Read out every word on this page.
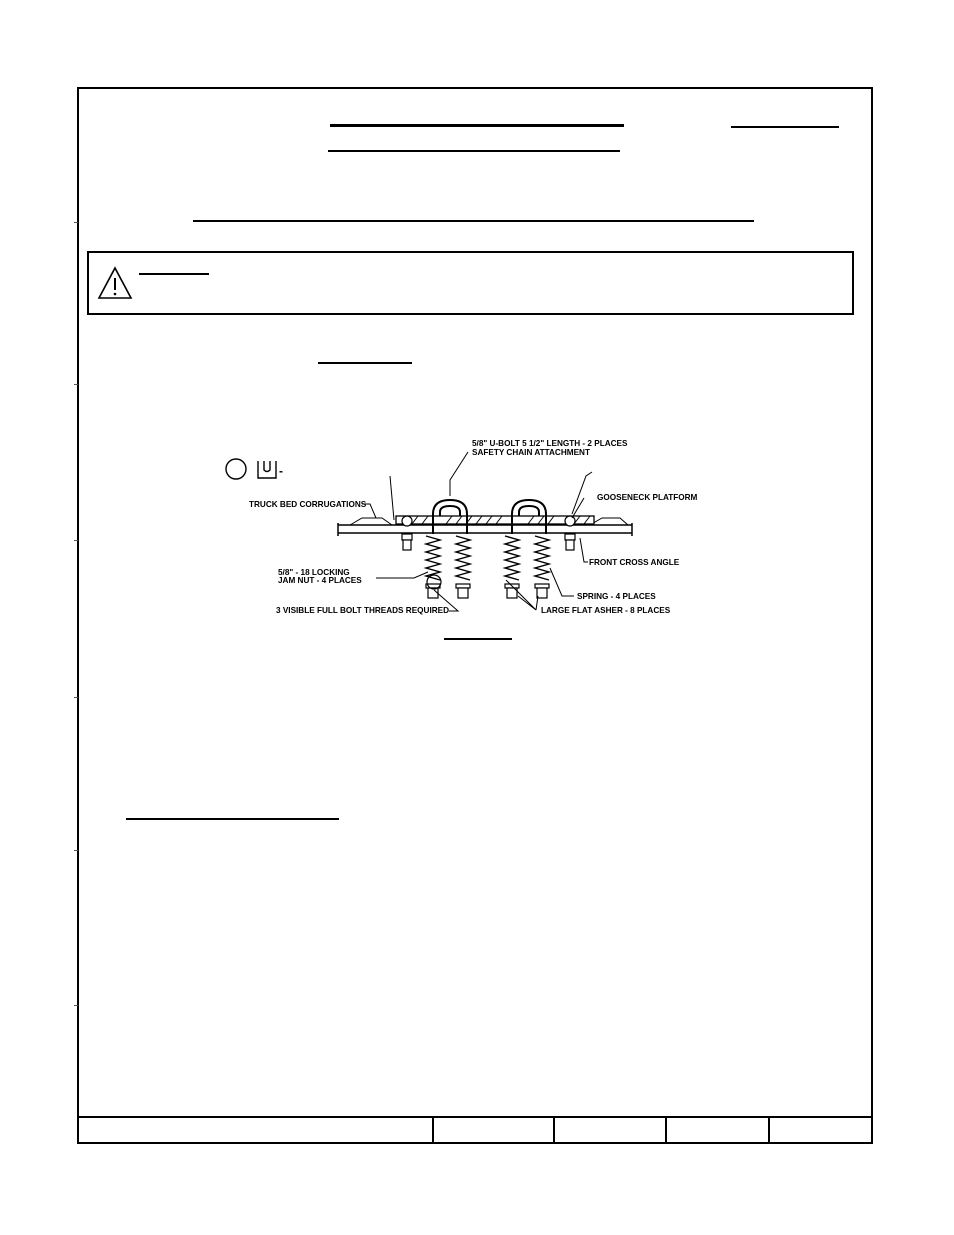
-
5/8" U-BOLT 5 1/2" LENGTH - 2 PLACES
SAFETY CHAIN ATTACHMENT
TRUCK BED CORRUGATIONS
GOOSENECK PLATFORM
FRONT CROSS ANGLE
5/8" - 18 LOCKING
JAM NUT - 4 PLACES
SPRING - 4 PLACES
3 VISIBLE FULL BOLT THREADS REQUIRED	LARGE FLAT ASHER - 8 PLACES
